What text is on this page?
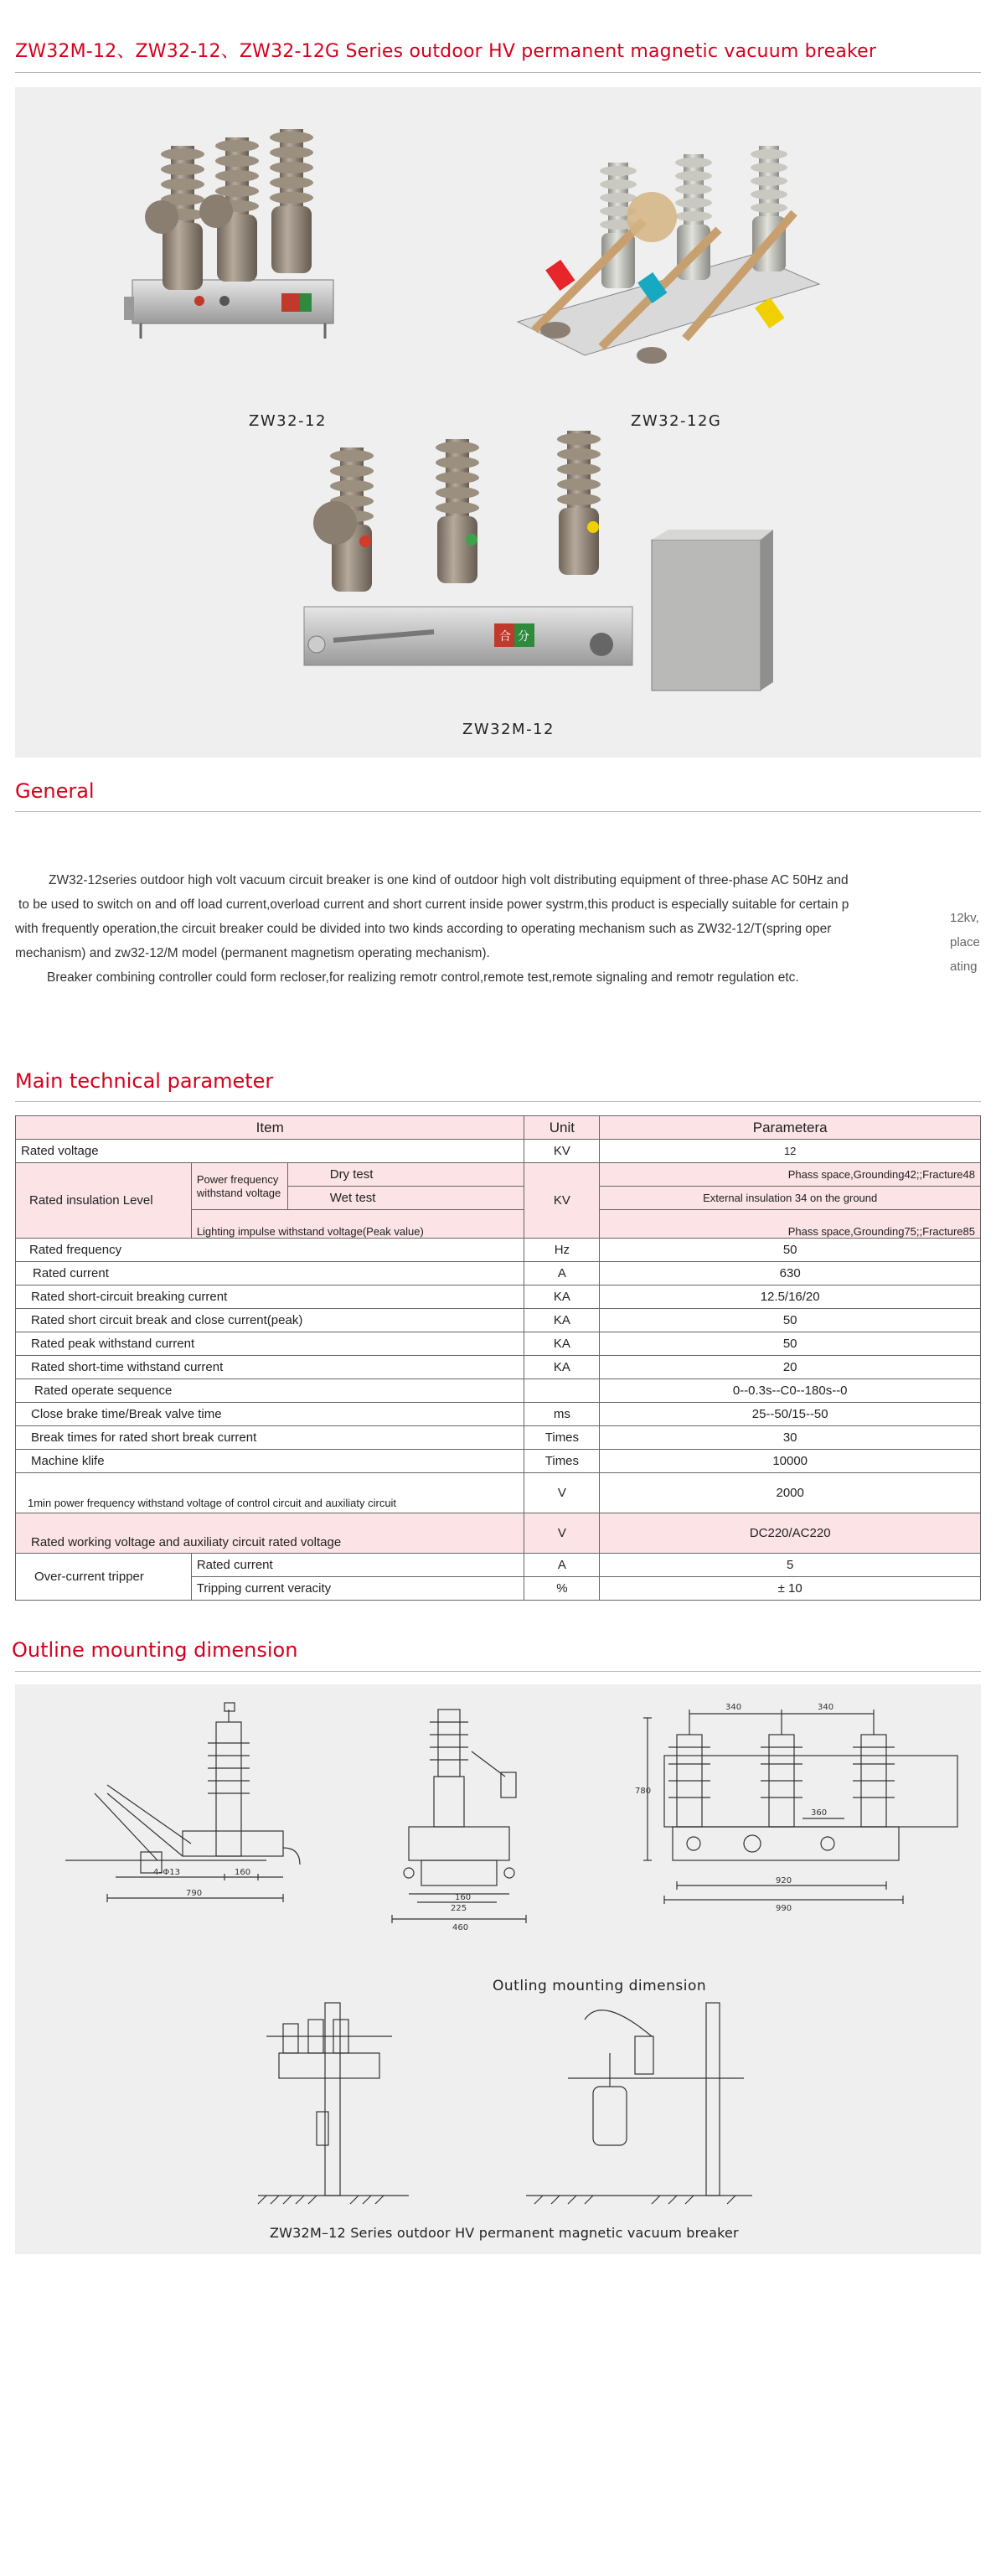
ZW32M-12、ZW32-12、ZW32-12G Series outdoor HV permanent magnetic vacuum breaker
合 分
ZW32-12	ZW32-12G
ZW32M-12
General
ZW32-12series outdoor high volt vacuum circuit breaker is one kind of outdoor high volt distributing equipment of three-phase AC 50Hz and
to be used to switch on and off load current,overload current and short current inside power systrm,this product is especially suitable for certain p
with frequently operation,the circuit breaker could be divided into two kinds according to operating mechanism such as ZW32-12/T(spring oper
mechanism) and zw32-12/M model (permanent magnetism operating mechanism).
Breaker combining controller could form recloser,for realizing remotr control,remote test,remote signaling and remotr regulation etc.
12kv,
place
ating
Main technical parameter
Item			Unit	Parametera
Rated voltage			KV	12
Rated insulation Level	Power frequency withstand voltage	Dry test	KV	Phass space,Grounding42;;Fracture48
		Wet test		External insulation 34 on the ground
	Lighting impulse withstand voltage(Peak value)			Phass space,Grounding75;;Fracture85
Rated frequency			Hz	50
Rated current			A	630
Rated short-circuit breaking current			KA	12.5/16/20
Rated short circuit break and close current(peak)			KA	50
Rated peak withstand current			KA	50
Rated short-time withstand current			KA	20
Rated operate sequence				0--0.3s--C0--180s--0
Close brake time/Break valve time			ms	25--50/15--50
Break times for rated short break current			Times	30
Machine klife			Times	10000
1min power frequency withstand voltage of control circuit and auxiliaty circuit			V	2000
Rated working voltage and auxiliaty circuit rated voltage			V	DC220/AC220
Over-current tripper	Rated current		A	5
	Tripping current veracity		%	± 10
Outline mounting dimension
4–Φ13	160
790	160
225
460
340	340
780
360
920
990
Outling mounting dimension
ZW32M–12 Series outdoor HV permanent magnetic vacuum breaker
